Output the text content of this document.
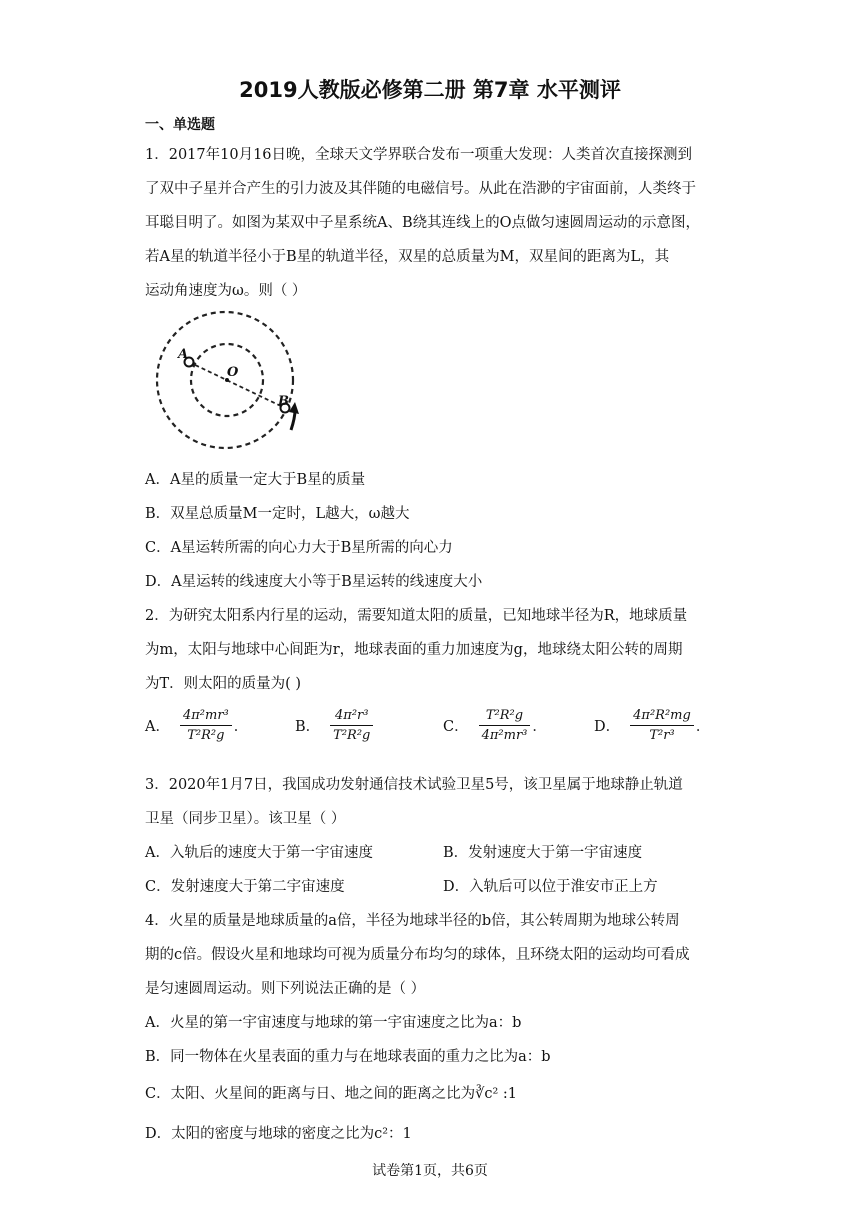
2019人教版必修第二册 第7章 水平测评
一、单选题
1．2017年10月16日晚，全球天文学界联合发布一项重大发现：人类首次直接探测到
了双中子星并合产生的引力波及其伴随的电磁信号。从此在浩渺的宇宙面前，人类终于
耳聪目明了。如图为某双中子星系统A、B绕其连线上的O点做匀速圆周运动的示意图，
若A星的轨道半径小于B星的轨道半径，双星的总质量为M，双星间的距离为L，其
运动角速度为ω。则（ ）
A
O
B
A．A星的质量一定大于B星的质量
B．双星总质量M一定时，L越大，ω越大
C．A星运转所需的向心力大于B星所需的向心力
D．A星运转的线速度大小等于B星运转的线速度大小
2．为研究太阳系内行星的运动，需要知道太阳的质量，已知地球半径为R，地球质量
为m，太阳与地球中心间距为r，地球表面的重力加速度为g，地球绕太阳公转的周期
为T．则太阳的质量为( )
A． $\frac{\text{4π²mr³}}{\text{T²R²g}}$ ．	B． $\frac{\text{4π²r³}}{\text{T²R²g}}$	C． $\frac{\text{T²R²g}}{\text{4π²mr³}}$ ．	D． $\frac{\text{4π²R²mg}}{\text{T²r³}}$ ．
3．2020年1月7日，我国成功发射通信技术试验卫星5号，该卫星属于地球静止轨道
卫星（同步卫星）。该卫星（ ）
A．入轨后的速度大于第一宇宙速度	B．发射速度大于第一宇宙速度
C．发射速度大于第二宇宙速度	D．入轨后可以位于淮安市正上方
4．火星的质量是地球质量的a倍，半径为地球半径的b倍，其公转周期为地球公转周
期的c倍。假设火星和地球均可视为质量分布均匀的球体，且环绕太阳的运动均可看成
是匀速圆周运动。则下列说法正确的是（ ）
A．火星的第一宇宙速度与地球的第一宇宙速度之比为a：b
B．同一物体在火星表面的重力与在地球表面的重力之比为a：b
C．太阳、火星间的距离与日、地之间的距离之比为∛c² :1
D．太阳的密度与地球的密度之比为c²：1
试卷第1页，共6页
